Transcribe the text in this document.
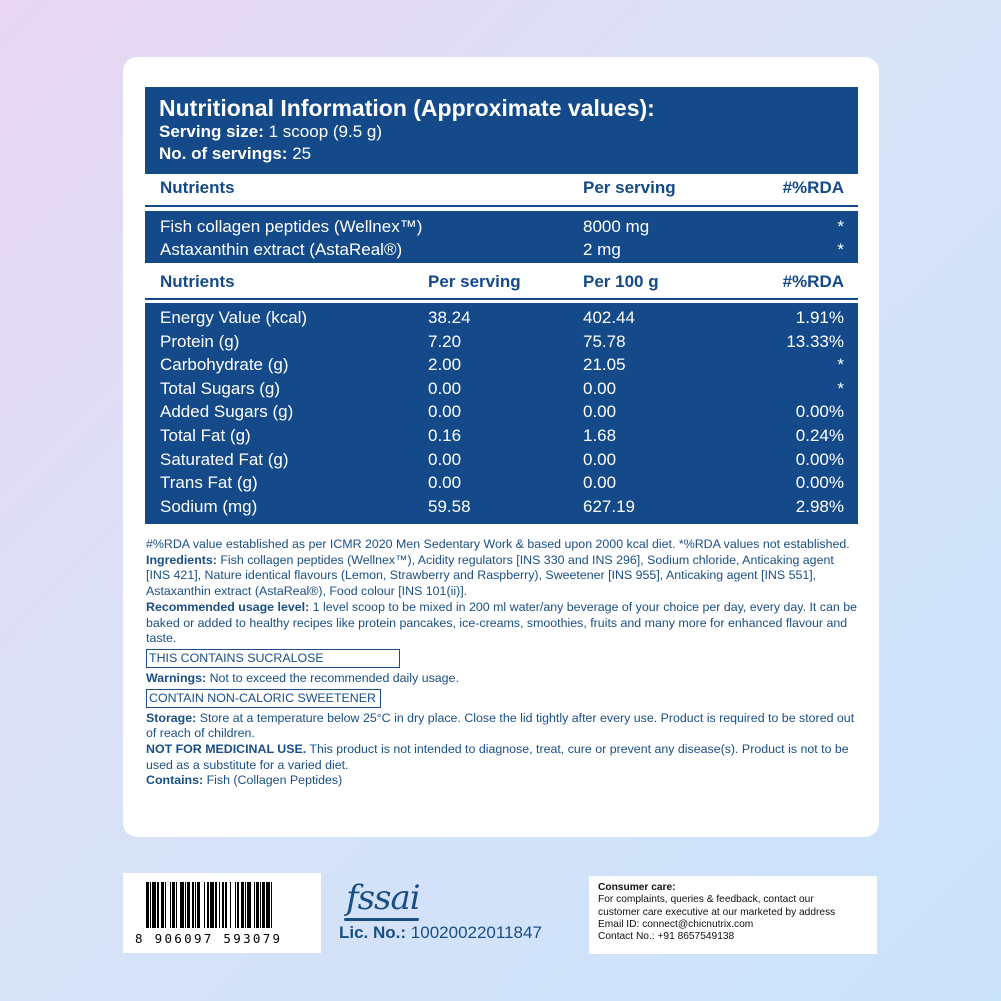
Nutritional Information (Approximate values):
Serving size: 1 scoop (9.5 g)
No. of servings: 25
Nutrients	Per serving	#%RDA
Fish collagen peptides (Wellnex™)	8000 mg	*
Astaxanthin extract (AstaReal®)	2 mg	*
Nutrients	Per serving	Per 100 g	#%RDA
Energy Value (kcal)	38.24	402.44	1.91%
Protein (g)	7.20	75.78	13.33%
Carbohydrate (g)	2.00	21.05	*
Total Sugars (g)	0.00	0.00	*
Added Sugars (g)	0.00	0.00	0.00%
Total Fat (g)	0.16	1.68	0.24%
Saturated Fat (g)	0.00	0.00	0.00%
Trans Fat (g)	0.00	0.00	0.00%
Sodium (mg)	59.58	627.19	2.98%

#%RDA value established as per ICMR 2020 Men Sedentary Work & based upon 2000 kcal diet. *%RDA values not established.

Ingredients: Fish collagen peptides (Wellnex™), Acidity regulators [INS 330 and INS 296], Sodium chloride, Anticaking agent [INS 421], Nature identical flavours (Lemon, Strawberry and Raspberry), Sweetener [INS 955], Anticaking agent [INS 551], Astaxanthin extract (AstaReal®), Food colour [INS 101(ii)].

Recommended usage level: 1 level scoop to be mixed in 200 ml water/any beverage of your choice per day, every day. It can be baked or added to healthy recipes like protein pancakes, ice-creams, smoothies, fruits and many more for enhanced flavour and taste.

THIS CONTAINS SUCRALOSE

Warnings: Not to exceed the recommended daily usage.

CONTAIN NON-CALORIC SWEETENER

Storage: Store at a temperature below 25°C in dry place. Close the lid tightly after every use. Product is required to be stored out of reach of children.

NOT FOR MEDICINAL USE. This product is not intended to diagnose, treat, cure or prevent any disease(s). Product is not to be used as a substitute for a varied diet.

Contains: Fish (Collagen Peptides)

8 906097 593079
fssai
Lic. No.: 10020022011847
Consumer care:
For complaints, queries & feedback, contact our
customer care executive at our marketed by address
Email ID: connect@chicnutrix.com
Contact No.: +91 8657549138
